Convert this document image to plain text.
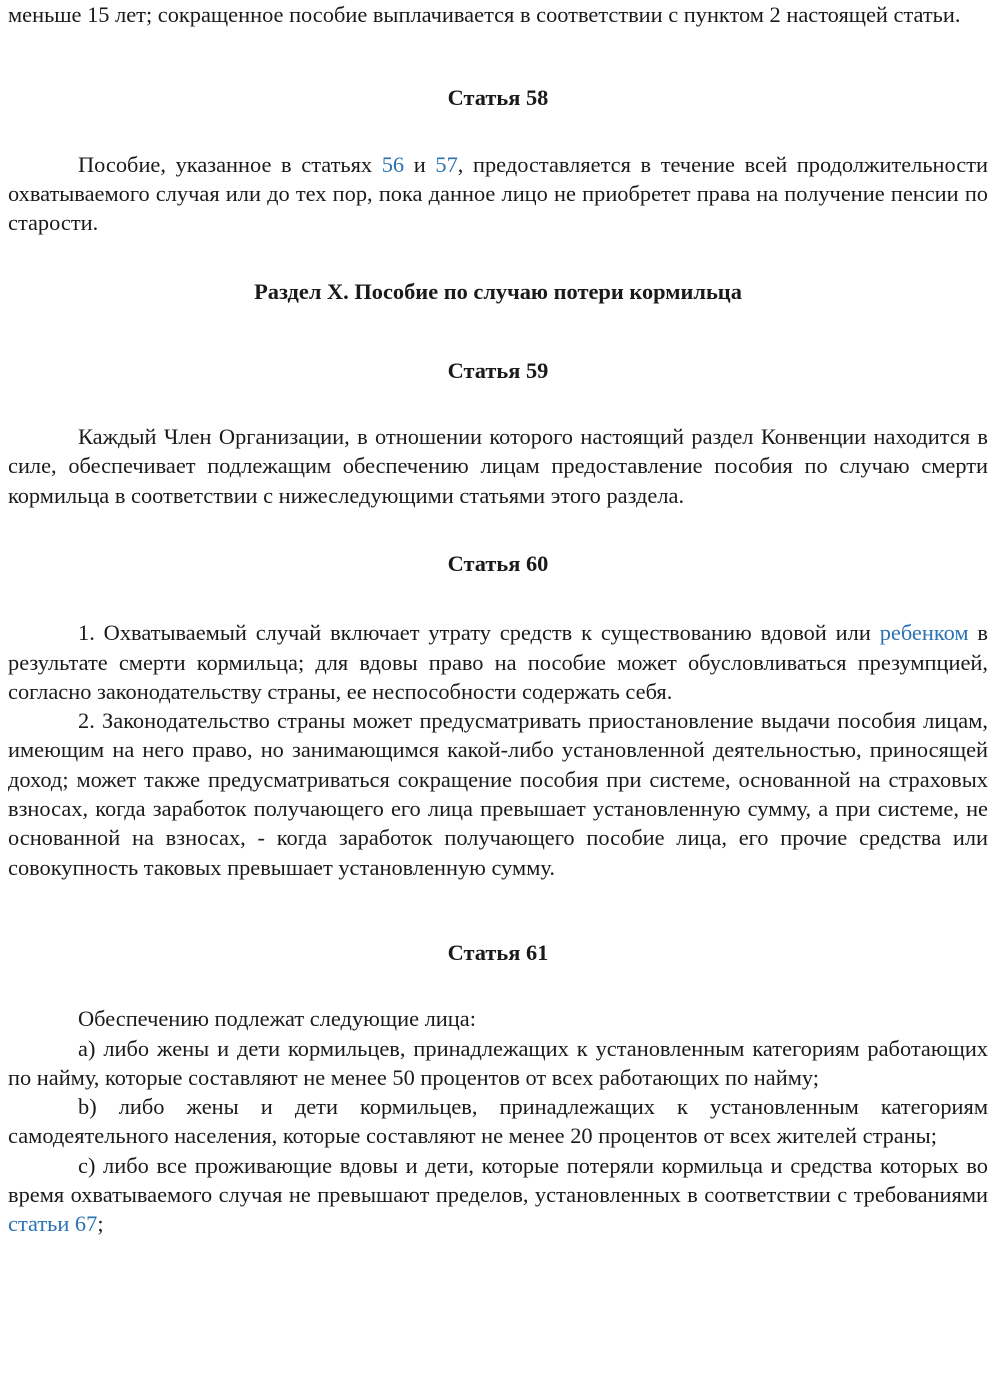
меньше 15 лет; сокращенное пособие выплачивается в соответствии с пунктом 2 настоящей статьи.

Статья 58

Пособие, указанное в статьях 56 и 57, предоставляется в течение всей продолжительности охватываемого случая или до тех пор, пока данное лицо не приобретет права на получение пенсии по старости.

Раздел X. Пособие по случаю потери кормильца
Статья 59

Каждый Член Организации, в отношении которого настоящий раздел Конвенции находится в силе, обеспечивает подлежащим обеспечению лицам предоставление пособия по случаю смерти кормильца в соответствии с нижеследующими статьями этого раздела.

Статья 60

1. Охватываемый случай включает утрату средств к существованию вдовой или ребенком в результате смерти кормильца; для вдовы право на пособие может обусловливаться презумпцией, согласно законодательству страны, ее неспособности содержать себя.

2. Законодательство страны может предусматривать приостановление выдачи пособия лицам, имеющим на него право, но занимающимся какой-либо установленной деятельностью, приносящей доход; может также предусматриваться сокращение пособия при системе, основанной на страховых взносах, когда заработок получающего его лица превышает установленную сумму, а при системе, не основанной на взносах, - когда заработок получающего пособие лица, его прочие средства или совокупность таковых превышает установленную сумму.

Статья 61

Обеспечению подлежат следующие лица:

a) либо жены и дети кормильцев, принадлежащих к установленным категориям работающих по найму, которые составляют не менее 50 процентов от всех работающих по найму;

b) либо жены и дети кормильцев, принадлежащих к установленным категориям самодеятельного населения, которые составляют не менее 20 процентов от всех жителей страны;

c) либо все проживающие вдовы и дети, которые потеряли кормильца и средства которых во время охватываемого случая не превышают пределов, установленных в соответствии с требованиями статьи 67;
